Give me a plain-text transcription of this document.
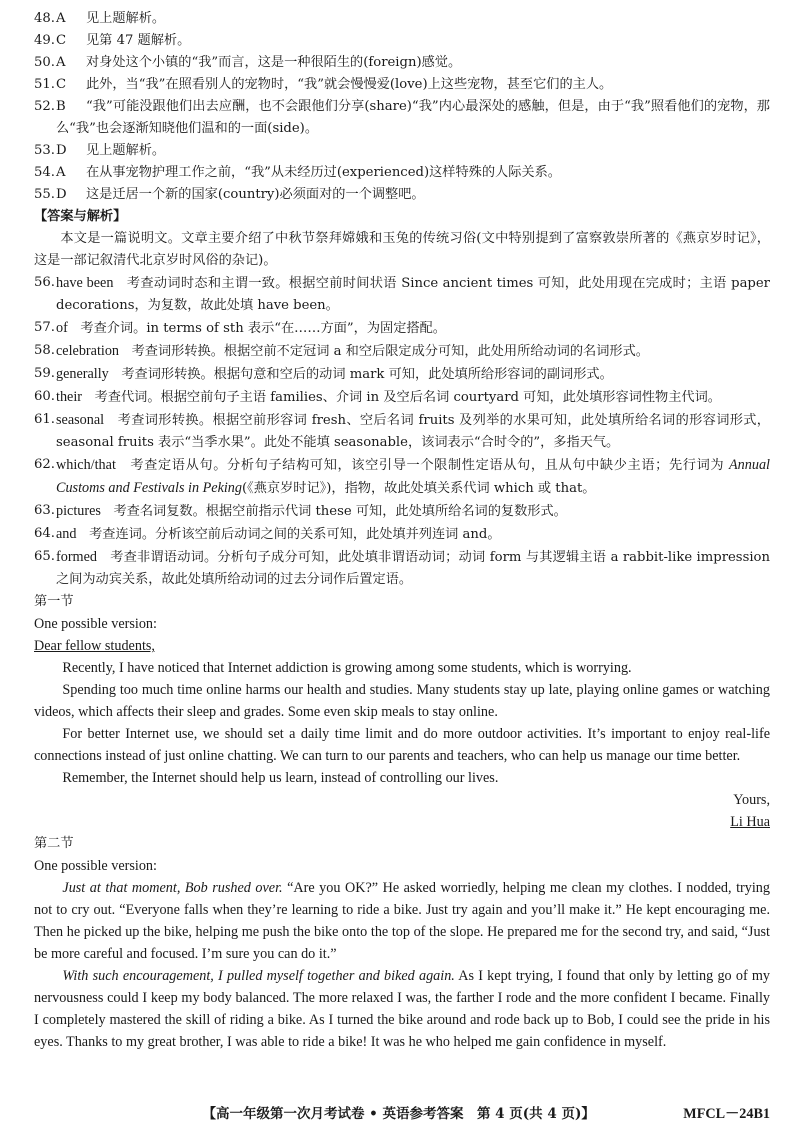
48. A 见上题解析。
49. C 见第 47 题解析。
50. A 对身处这个小镇的“我”而言，这是一种很陌生的(foreign)感觉。
51. C 此外，当“我”在照看别人的宠物时，“我”就会慢慢爱(love)上这些宠物，甚至它们的主人。
52. B “我”可能没跟他们出去应酬，也不会跟他们分享(share)“我”内心最深处的感触，但是，由于“我”照看他们的宠物，那么“我”也会逐渐知晓他们温和的一面(side)。
53. D 见上题解析。
54. A 在从事宠物护理工作之前，“我”从未经历过(experienced)这样特殊的人际关系。
55. D 这是迁居一个新的国家(country)必须面对的一个调整吧。
【答案与解析】
本文是一篇说明文。文章主要介绍了中秋节祭拜嫦娥和玉兔的传统习俗(文中特别提到了富察敦崇所著的《燕京岁时记》，这是一部记叙清代北京岁时风俗的杂记)。
56. have been 考查动词时态和主谓一致。根据空前时间状语 Since ancient times 可知，此处用现在完成时；主语 paper decorations，为复数，故此处填 have been。
57. of 考查介词。in terms of sth 表示“在……方面”，为固定搭配。
58. celebration 考查词形转换。根据空前不定冠词 a 和空后限定成分可知，此处用所给动词的名词形式。
59. generally 考查词形转换。根据句意和空后的动词 mark 可知，此处填所给形容词的副词形式。
60. their 考查代词。根据空前句子主语 families、介词 in 及空后名词 courtyard 可知，此处填形容词性物主代词。
61. seasonal 考查词形转换。根据空前形容词 fresh、空后名词 fruits 及列举的水果可知，此处填所给名词的形容词形式，seasonal fruits 表示“当季水果”。此处不能填 seasonable，该词表示“合时令的”，多指天气。
62. which/that 考查定语从句。分析句子结构可知，该空引导一个限制性定语从句，且从句中缺少主语；先行词为 Annual Customs and Festivals in Peking(《燕京岁时记》)，指物，故此处填关系代词 which 或 that。
63. pictures 考查名词复数。根据空前指示代词 these 可知，此处填所给名词的复数形式。
64. and 考查连词。分析该空前后动词之间的关系可知，此处填并列连词 and。
65. formed 考查非谓语动词。分析句子成分可知，此处填非谓语动词；动词 form 与其逻辑主语 a rabbit-like impression 之间为动宾关系，故此处填所给动词的过去分词作后置定语。
第一节
One possible version:
Dear fellow students,
Recently, I have noticed that Internet addiction is growing among some students, which is worrying.
Spending too much time online harms our health and studies. Many students stay up late, playing online games or watching videos, which affects their sleep and grades. Some even skip meals to stay online.
For better Internet use, we should set a daily time limit and do more outdoor activities. It’s important to enjoy real-life connections instead of just online chatting. We can turn to our parents and teachers, who can help us manage our time better.
Remember, the Internet should help us learn, instead of controlling our lives.
Yours,
Li Hua
第二节
One possible version:
Just at that moment, Bob rushed over. “Are you OK?” He asked worriedly, helping me clean my clothes. I nodded, trying not to cry out. “Everyone falls when they’re learning to ride a bike. Just try again and you’ll make it.” He kept encouraging me. Then he picked up the bike, helping me push the bike onto the top of the slope. He prepared me for the second try, and said, “Just be more careful and focused. I’m sure you can do it.”
With such encouragement, I pulled myself together and biked again. As I kept trying, I found that only by letting go of my nervousness could I keep my body balanced. The more relaxed I was, the farther I rode and the more confident I became. Finally I completely mastered the skill of riding a bike. As I turned the bike around and rode back up to Bob, I could see the pride in his eyes. Thanks to my great brother, I was able to ride a bike! It was he who helped me gain confidence in myself.
【高一年级第一次月考试卷 • 英语参考答案　第 4 页(共 4 页)】	MFCL－24B1
